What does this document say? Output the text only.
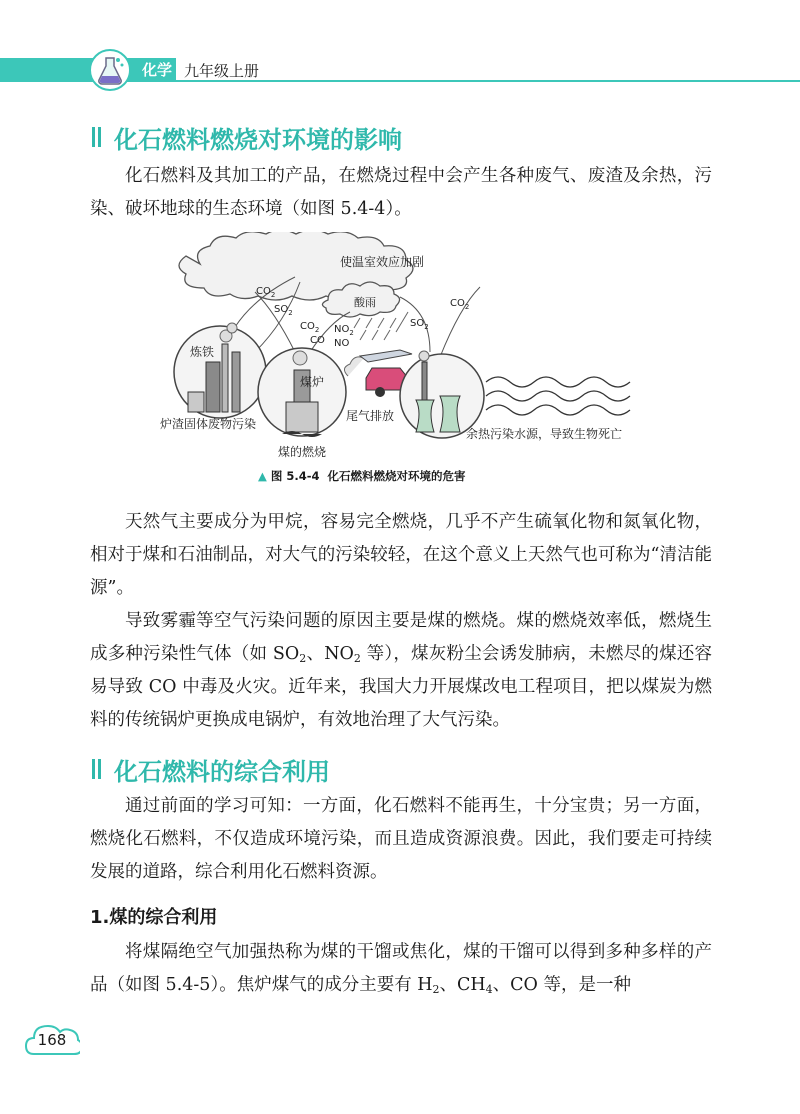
化学 九年级上册
化石燃料燃烧对环境的影响

化石燃料及其加工的产品，在燃烧过程中会产生各种废气、废渣及余热，污染、破坏地球的生态环境（如图 5.4-4）。

使温室效应加剧
酸雨
$CO_2$
$SO_2$
$CO_2$
CO
$NO_2$
NO
$SO_2$
$CO_2$
炼铁
炉渣固体废物污染
煤炉
煤的燃烧
尾气排放
余热污染水源，导致生物死亡
▲ 图 5.4-4 化石燃料燃烧对环境的危害

天然气主要成分为甲烷，容易完全燃烧，几乎不产生硫氧化物和氮氧化物，相对于煤和石油制品，对大气的污染较轻，在这个意义上天然气也可称为“清洁能源”。

导致雾霾等空气污染问题的原因主要是煤的燃烧。煤的燃烧效率低，燃烧生成多种污染性气体（如 $SO_2$、$NO_2$ 等），煤灰粉尘会诱发肺病，未燃尽的煤还容易导致 CO 中毒及火灾。近年来，我国大力开展煤改电工程项目，把以煤炭为燃料的传统锅炉更换成电锅炉，有效地治理了大气污染。

化石燃料的综合利用

通过前面的学习可知：一方面，化石燃料不能再生，十分宝贵；另一方面，燃烧化石燃料，不仅造成环境污染，而且造成资源浪费。因此，我们要走可持续发展的道路，综合利用化石燃料资源。

1.煤的综合利用

将煤隔绝空气加强热称为煤的干馏或焦化，煤的干馏可以得到多种多样的产品（如图 5.4-5）。焦炉煤气的成分主要有 $H_2$、$CH_4$、CO 等，是一种

168
